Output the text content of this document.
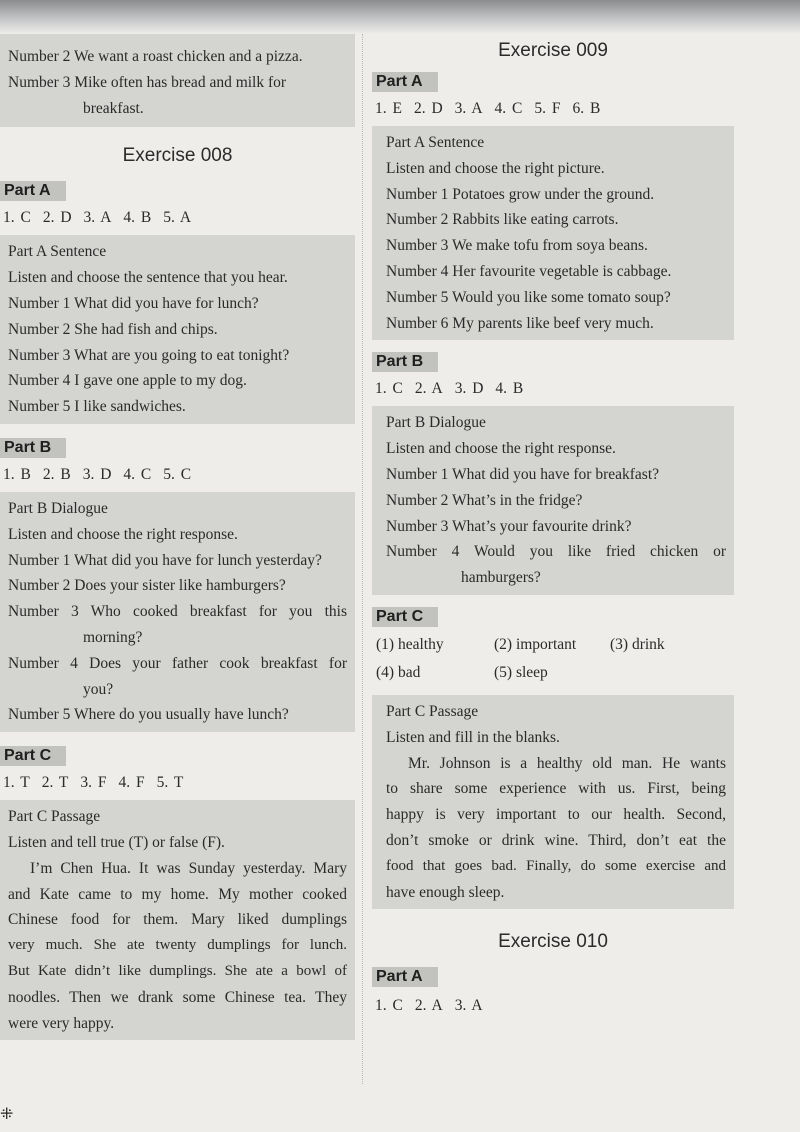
Number 2 We want a roast chicken and a pizza.
Number 3 Mike often has bread and milk for
breakfast.
Exercise 008
Part A
1. C 2. D 3. A 4. B 5. A
Part A Sentence
Listen and choose the sentence that you hear.
Number 1 What did you have for lunch?
Number 2 She had fish and chips.
Number 3 What are you going to eat tonight?
Number 4 I gave one apple to my dog.
Number 5 I like sandwiches.
Part B
1. B 2. B 3. D 4. C 5. C
Part B Dialogue
Listen and choose the right response.
Number 1 What did you have for lunch yesterday?
Number 2 Does your sister like hamburgers?
Number 3 Who cooked breakfast for you this
morning?
Number 4 Does your father cook breakfast for
you?
Number 5 Where do you usually have lunch?
Part C
1. T 2. T 3. F 4. F 5. T
Part C Passage
Listen and tell true (T) or false (F).
I’m Chen Hua. It was Sunday yesterday. Mary
and Kate came to my home. My mother cooked
Chinese food for them. Mary liked dumplings
very much. She ate twenty dumplings for lunch.
But Kate didn’t like dumplings. She ate a bowl of
noodles. Then we drank some Chinese tea. They
were very happy.
Exercise 009
Part A
1. E 2. D 3. A 4. C 5. F 6. B
Part A Sentence
Listen and choose the right picture.
Number 1 Potatoes grow under the ground.
Number 2 Rabbits like eating carrots.
Number 3 We make tofu from soya beans.
Number 4 Her favourite vegetable is cabbage.
Number 5 Would you like some tomato soup?
Number 6 My parents like beef very much.
Part B
1. C 2. A 3. D 4. B
Part B Dialogue
Listen and choose the right response.
Number 1 What did you have for breakfast?
Number 2 What’s in the fridge?
Number 3 What’s your favourite drink?
Number 4 Would you like fried chicken or
hamburgers?
Part C
(1) healthy	(2) important (3) drink
(4) bad	(5) sleep
Part C Passage
Listen and fill in the blanks.
Mr. Johnson is a healthy old man. He wants
to share some experience with us. First, being
happy is very important to our health. Second,
don’t smoke or drink wine. Third, don’t eat the
food that goes bad. Finally, do some exercise and
have enough sleep.
Exercise 010
Part A
1. C 2. A 3. A
⁜
